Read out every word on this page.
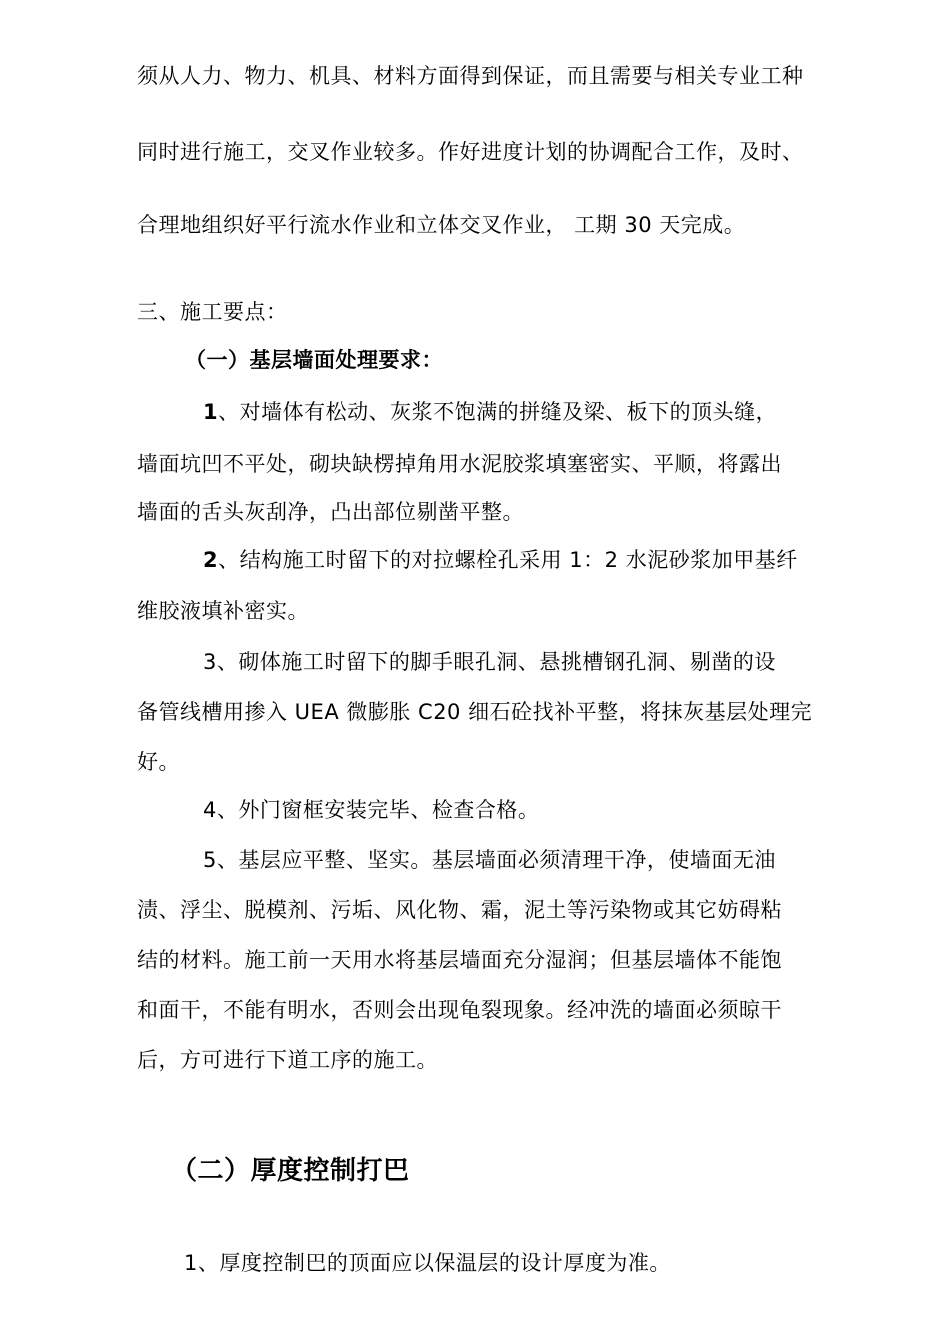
须从人力、物力、机具、材料方面得到保证，而且需要与相关专业工种
同时进行施工，交叉作业较多。作好进度计划的协调配合工作，及时、
合理地组织好平行流水作业和立体交叉作业， 工期 30 天完成。
三、施工要点：
（一）基层墙面处理要求：
1、对墙体有松动、灰浆不饱满的拼缝及梁、板下的顶头缝，
墙面坑凹不平处，砌块缺楞掉角用水泥胶浆填塞密实、平顺，将露出
墙面的舌头灰刮净，凸出部位剔凿平整。
2、结构施工时留下的对拉螺栓孔采用 1：2 水泥砂浆加甲基纤
维胶液填补密实。
3、砌体施工时留下的脚手眼孔洞、悬挑槽钢孔洞、剔凿的设
备管线槽用掺入 UEA 微膨胀 C20 细石砼找补平整，将抹灰基层处理完
好。
4、外门窗框安装完毕、检查合格。
5、基层应平整、坚实。基层墙面必须清理干净，使墙面无油
渍、浮尘、脱模剂、污垢、风化物、霜，泥土等污染物或其它妨碍粘
结的材料。施工前一天用水将基层墙面充分湿润；但基层墙体不能饱
和面干，不能有明水，否则会出现龟裂现象。经冲洗的墙面必须晾干
后，方可进行下道工序的施工。
（二）厚度控制打巴
1、厚度控制巴的顶面应以保温层的设计厚度为准。
